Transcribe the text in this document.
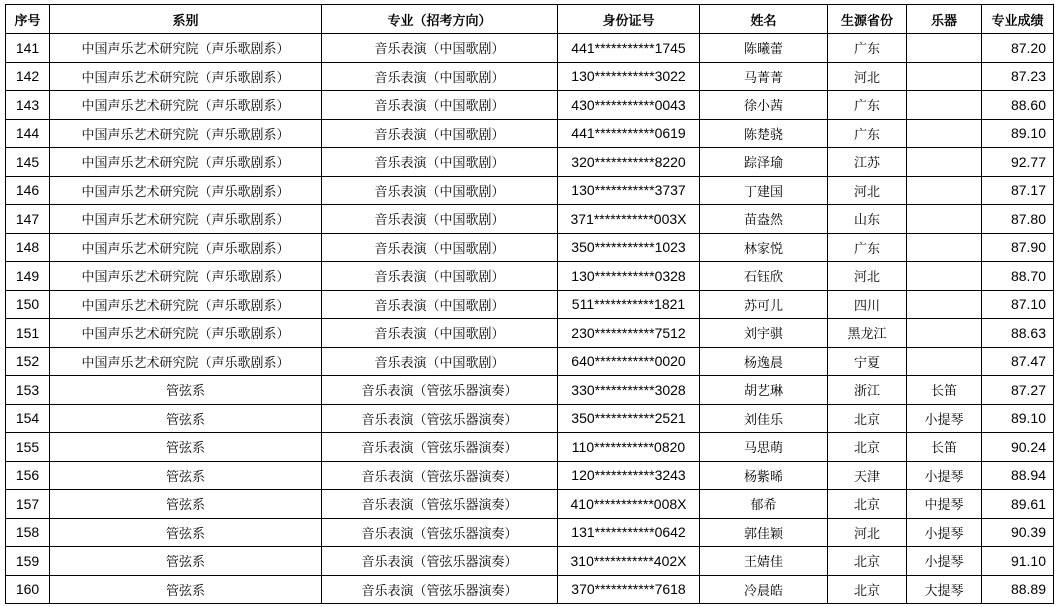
序号	系别	专业（招考方向）	身份证号	姓名	生源省份	乐器	专业成绩
141	中国声乐艺术研究院（声乐歌剧系）	音乐表演（中国歌剧）	441***********1745	陈曦蕾	广东		87.20
142	中国声乐艺术研究院（声乐歌剧系）	音乐表演（中国歌剧）	130***********3022	马菁菁	河北		87.23
143	中国声乐艺术研究院（声乐歌剧系）	音乐表演（中国歌剧）	430***********0043	徐小茜	广东		88.60
144	中国声乐艺术研究院（声乐歌剧系）	音乐表演（中国歌剧）	441***********0619	陈楚骁	广东		89.10
145	中国声乐艺术研究院（声乐歌剧系）	音乐表演（中国歌剧）	320***********8220	踪泽瑜	江苏		92.77
146	中国声乐艺术研究院（声乐歌剧系）	音乐表演（中国歌剧）	130***********3737	丁建国	河北		87.17
147	中国声乐艺术研究院（声乐歌剧系）	音乐表演（中国歌剧）	371***********003X	苗盎然	山东		87.80
148	中国声乐艺术研究院（声乐歌剧系）	音乐表演（中国歌剧）	350***********1023	林家悦	广东		87.90
149	中国声乐艺术研究院（声乐歌剧系）	音乐表演（中国歌剧）	130***********0328	石钰欣	河北		88.70
150	中国声乐艺术研究院（声乐歌剧系）	音乐表演（中国歌剧）	511***********1821	苏可儿	四川		87.10
151	中国声乐艺术研究院（声乐歌剧系）	音乐表演（中国歌剧）	230***********7512	刘宇骐	黑龙江		88.63
152	中国声乐艺术研究院（声乐歌剧系）	音乐表演（中国歌剧）	640***********0020	杨逸晨	宁夏		87.47
153	管弦系	音乐表演（管弦乐器演奏）	330***********3028	胡艺琳	浙江	长笛	87.27
154	管弦系	音乐表演（管弦乐器演奏）	350***********2521	刘佳乐	北京	小提琴	89.10
155	管弦系	音乐表演（管弦乐器演奏）	110***********0820	马思萌	北京	长笛	90.24
156	管弦系	音乐表演（管弦乐器演奏）	120***********3243	杨紫晞	天津	小提琴	88.94
157	管弦系	音乐表演（管弦乐器演奏）	410***********008X	郁希	北京	中提琴	89.61
158	管弦系	音乐表演（管弦乐器演奏）	131***********0642	郭佳颖	河北	小提琴	90.39
159	管弦系	音乐表演（管弦乐器演奏）	310***********402X	王婧佳	北京	小提琴	91.10
160	管弦系	音乐表演（管弦乐器演奏）	370***********7618	冷晨皓	北京	大提琴	88.89
